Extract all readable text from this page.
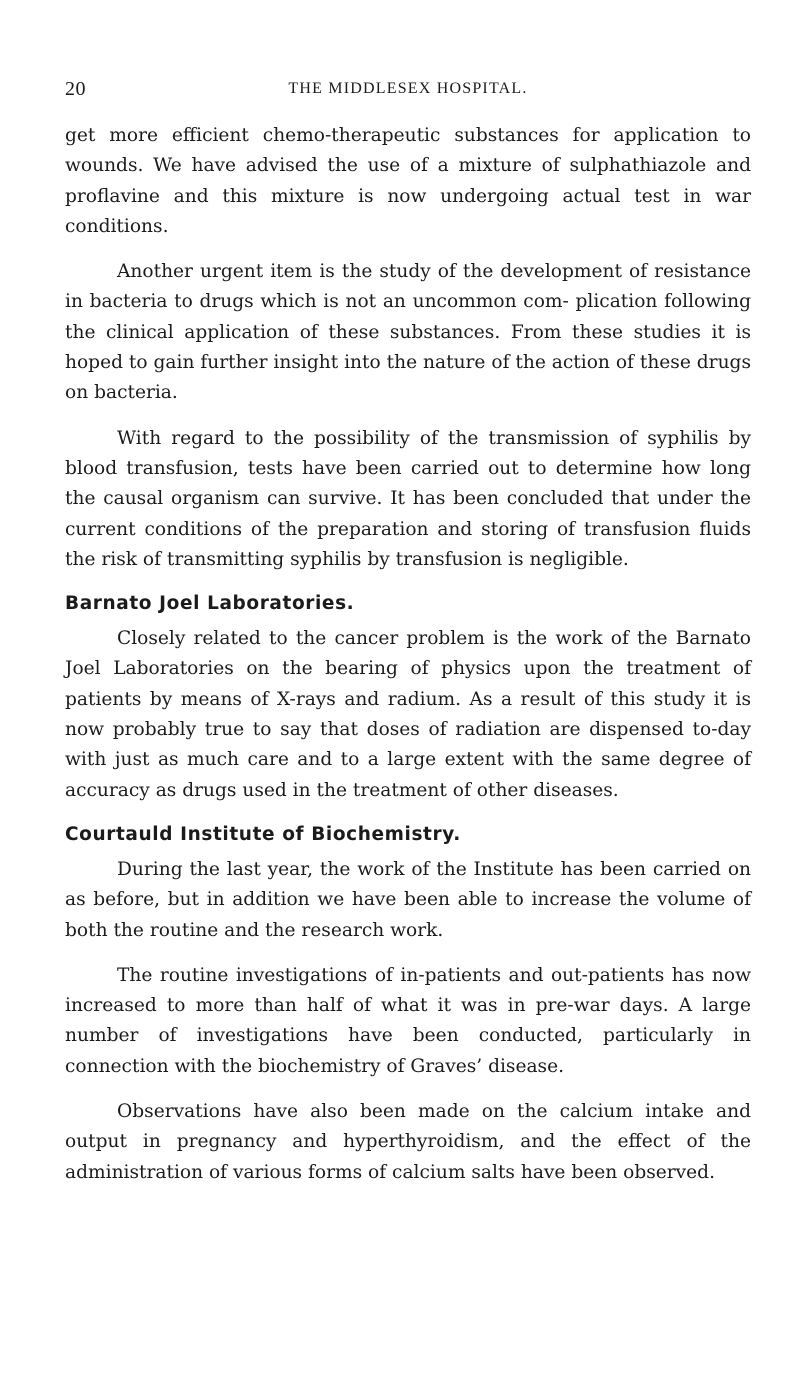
20	THE MIDDLESEX HOSPITAL.

get more efficient chemo-therapeutic substances for application to wounds. We have advised the use of a mixture of sulphathiazole and proflavine and this mixture is now undergoing actual test in war conditions.

Another urgent item is the study of the development of resistance in bacteria to drugs which is not an uncommon com- plication following the clinical application of these substances. From these studies it is hoped to gain further insight into the nature of the action of these drugs on bacteria.

With regard to the possibility of the transmission of syphilis by blood transfusion, tests have been carried out to determine how long the causal organism can survive. It has been concluded that under the current conditions of the preparation and storing of transfusion fluids the risk of transmitting syphilis by transfusion is negligible.

Barnato Joel Laboratories.

Closely related to the cancer problem is the work of the Barnato Joel Laboratories on the bearing of physics upon the treatment of patients by means of X-rays and radium. As a result of this study it is now probably true to say that doses of radiation are dispensed to-day with just as much care and to a large extent with the same degree of accuracy as drugs used in the treatment of other diseases.

Courtauld Institute of Biochemistry.

During the last year, the work of the Institute has been carried on as before, but in addition we have been able to increase the volume of both the routine and the research work.

The routine investigations of in-patients and out-patients has now increased to more than half of what it was in pre-war days. A large number of investigations have been conducted, particularly in connection with the biochemistry of Graves’ disease.

Observations have also been made on the calcium intake and output in pregnancy and hyperthyroidism, and the effect of the administration of various forms of calcium salts have been observed.
